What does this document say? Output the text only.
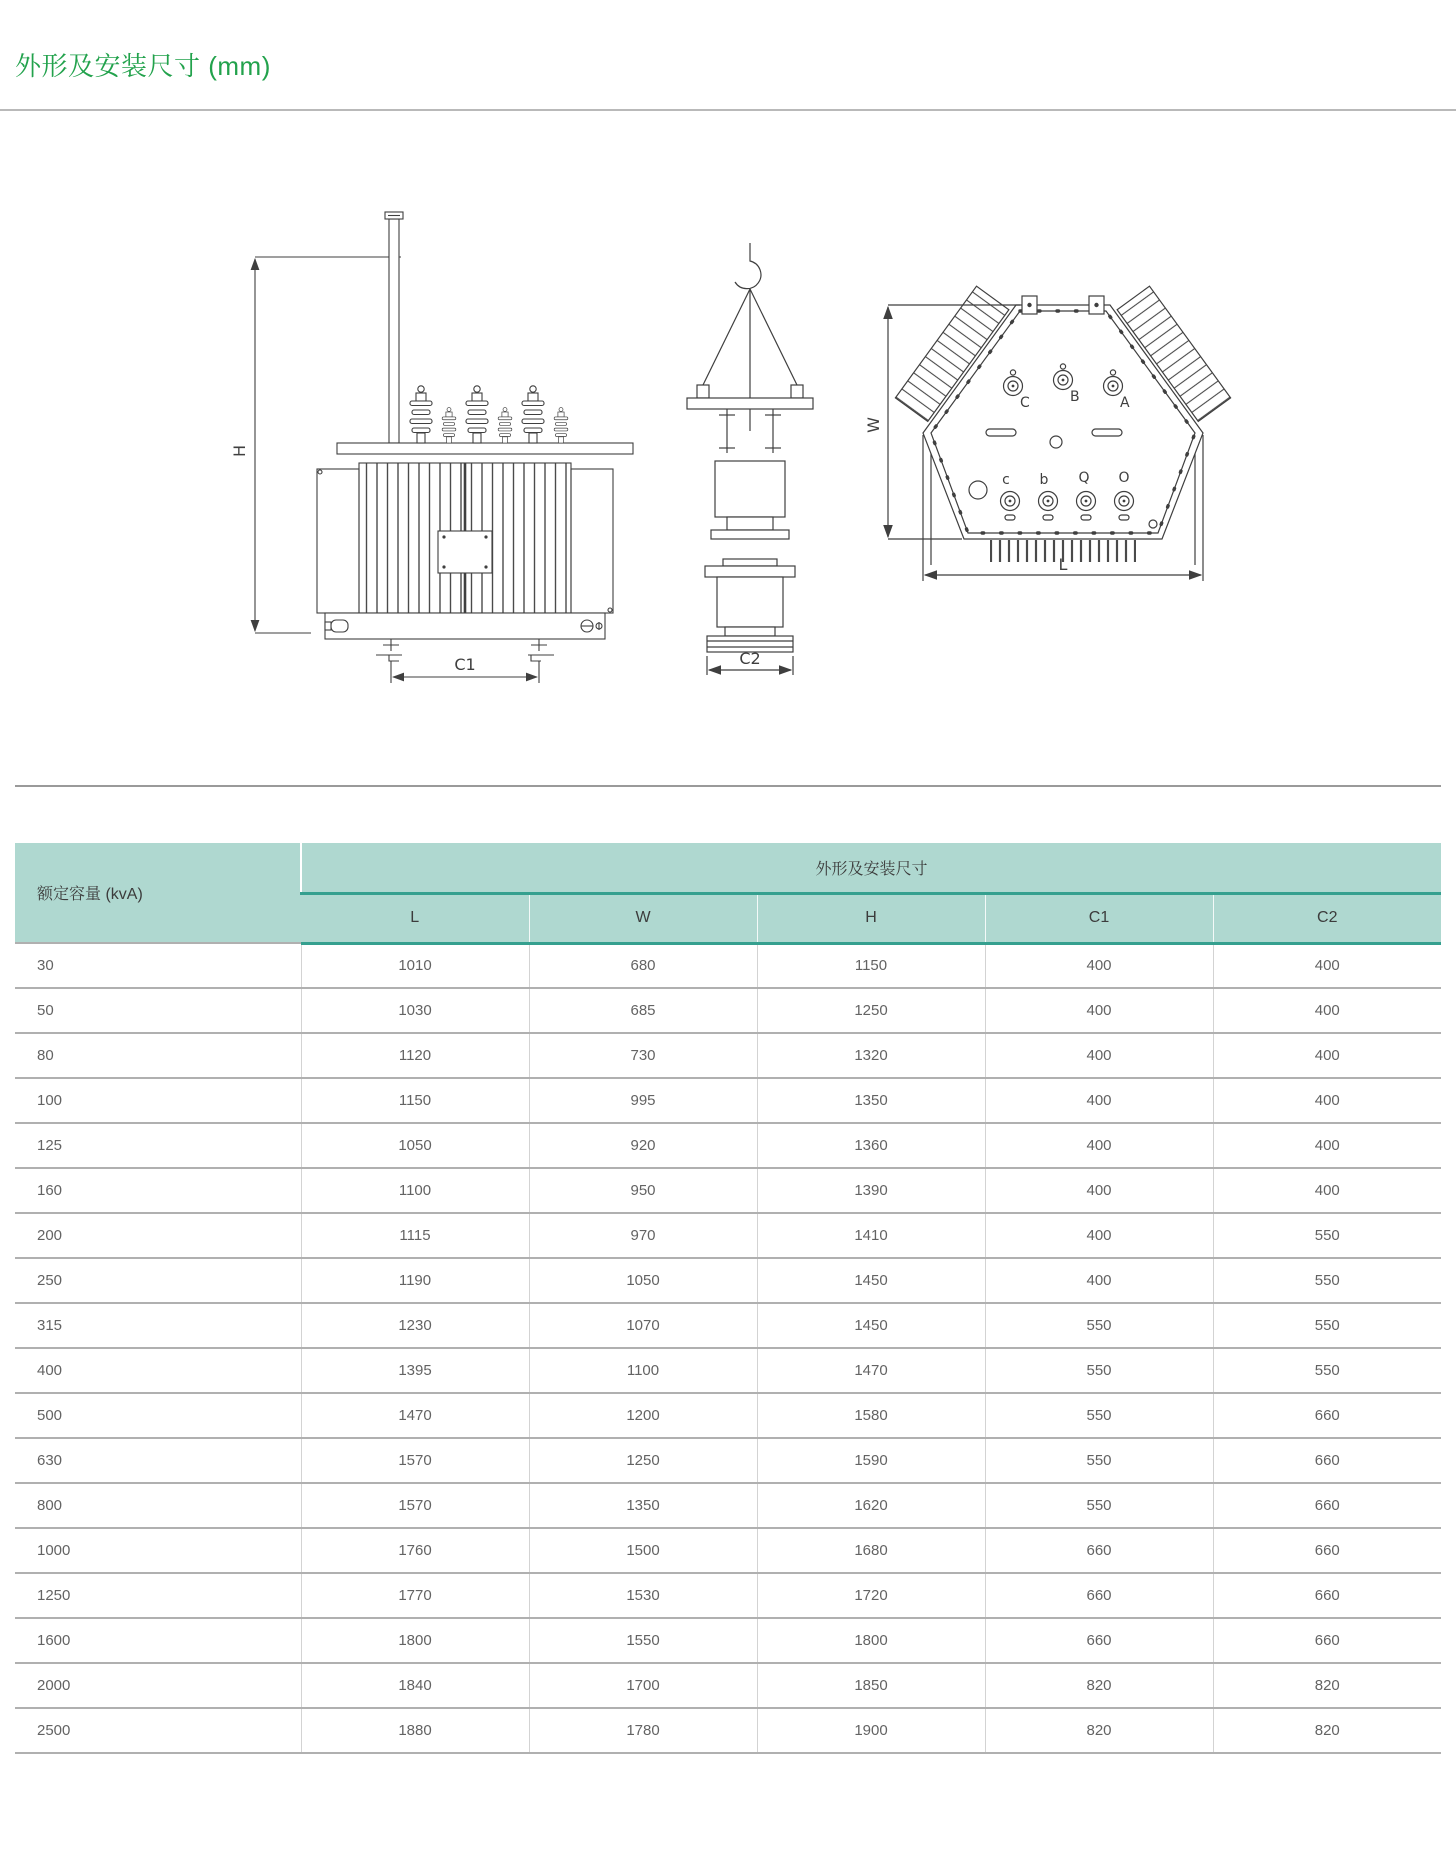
外形及安装尺寸 (mm)
H
C1	C2
C	B	A
c b Q O
W
L
额定容量 (kvA)	外形及安装尺寸				
	L	W	H	C1	C2
30	1010	680	1150	400	400
50	1030	685	1250	400	400
80	1120	730	1320	400	400
100	1150	995	1350	400	400
125	1050	920	1360	400	400
160	1100	950	1390	400	400
200	1115	970	1410	400	550
250	1190	1050	1450	400	550
315	1230	1070	1450	550	550
400	1395	1100	1470	550	550
500	1470	1200	1580	550	660
630	1570	1250	1590	550	660
800	1570	1350	1620	550	660
1000	1760	1500	1680	660	660
1250	1770	1530	1720	660	660
1600	1800	1550	1800	660	660
2000	1840	1700	1850	820	820
2500	1880	1780	1900	820	820
